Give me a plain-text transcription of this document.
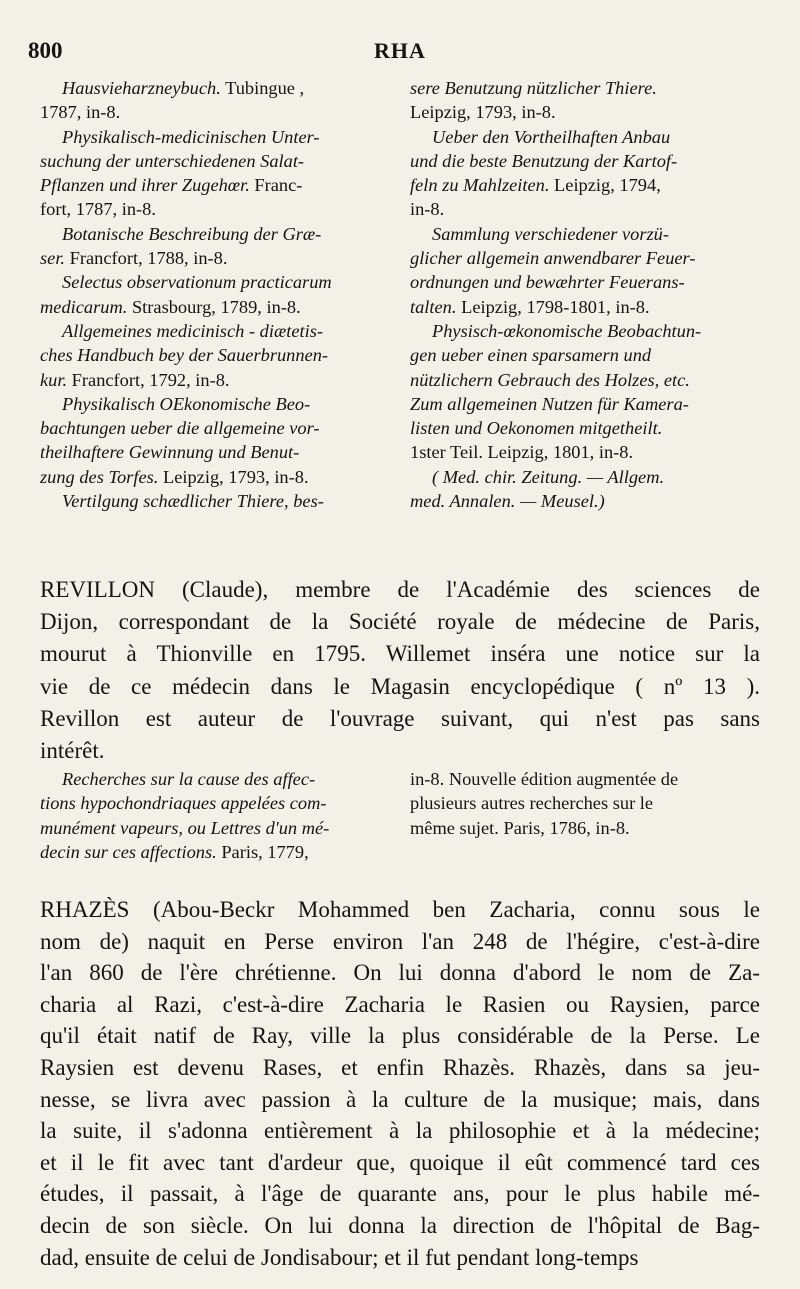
800	RHA
Hausvieharzneybuch. Tubingue ,
1787, in-8.
Physikalisch-medicinischen Unter-
suchung der unterschiedenen Salat-
Pflanzen und ihrer Zugehœr. Franc-
fort, 1787, in-8.
Botanische Beschreibung der Græ-
ser. Francfort, 1788, in-8.
Selectus observationum practicarum
medicarum. Strasbourg, 1789, in-8.
Allgemeines medicinisch - diætetis-
ches Handbuch bey der Sauerbrunnen-
kur. Francfort, 1792, in-8.
Physikalisch OEkonomische Beo-
bachtungen ueber die allgemeine vor-
theilhaftere Gewinnung und Benut-
zung des Torfes. Leipzig, 1793, in-8.
Vertilgung schædlicher Thiere, bes-
sere Benutzung nützlicher Thiere.
Leipzig, 1793, in-8.
Ueber den Vortheilhaften Anbau
und die beste Benutzung der Kartof-
feln zu Mahlzeiten. Leipzig, 1794,
in-8.
Sammlung verschiedener vorzü-
glicher allgemein anwendbarer Feuer-
ordnungen und bewæhrter Feuerans-
talten. Leipzig, 1798-1801, in-8.
Physisch-œkonomische Beobachtun-
gen ueber einen sparsamern und
nützlichern Gebrauch des Holzes, etc.
Zum allgemeinen Nutzen für Kamera-
listen und Oekonomen mitgetheilt.
1ster Teil. Leipzig, 1801, in-8.
( Med. chir. Zeitung. — Allgem.
med. Annalen. — Meusel.)
REVILLON (Claude), membre de l'Académie des sciences de
Dijon, correspondant de la Société royale de médecine de Paris,
mourut à Thionville en 1795. Willemet inséra une notice sur la
vie de ce médecin dans le Magasin encyclopédique ( nº 13 ).
Revillon est auteur de l'ouvrage suivant, qui n'est pas sans
intérêt.
Recherches sur la cause des affec-
tions hypochondriaques appelées com-
munément vapeurs, ou Lettres d'un mé-
decin sur ces affections. Paris, 1779,
in-8. Nouvelle édition augmentée de
plusieurs autres recherches sur le
même sujet. Paris, 1786, in-8.
RHAZÈS (Abou-Beckr Mohammed ben Zacharia, connu sous le
nom de) naquit en Perse environ l'an 248 de l'hégire, c'est-à-dire
l'an 860 de l'ère chrétienne. On lui donna d'abord le nom de Za-
charia al Razi, c'est-à-dire Zacharia le Rasien ou Raysien, parce
qu'il était natif de Ray, ville la plus considérable de la Perse. Le
Raysien est devenu Rases, et enfin Rhazès. Rhazès, dans sa jeu-
nesse, se livra avec passion à la culture de la musique; mais, dans
la suite, il s'adonna entièrement à la philosophie et à la médecine;
et il le fit avec tant d'ardeur que, quoique il eût commencé tard ces
études, il passait, à l'âge de quarante ans, pour le plus habile mé-
decin de son siècle. On lui donna la direction de l'hôpital de Bag-
dad, ensuite de celui de Jondisabour; et il fut pendant long-temps
